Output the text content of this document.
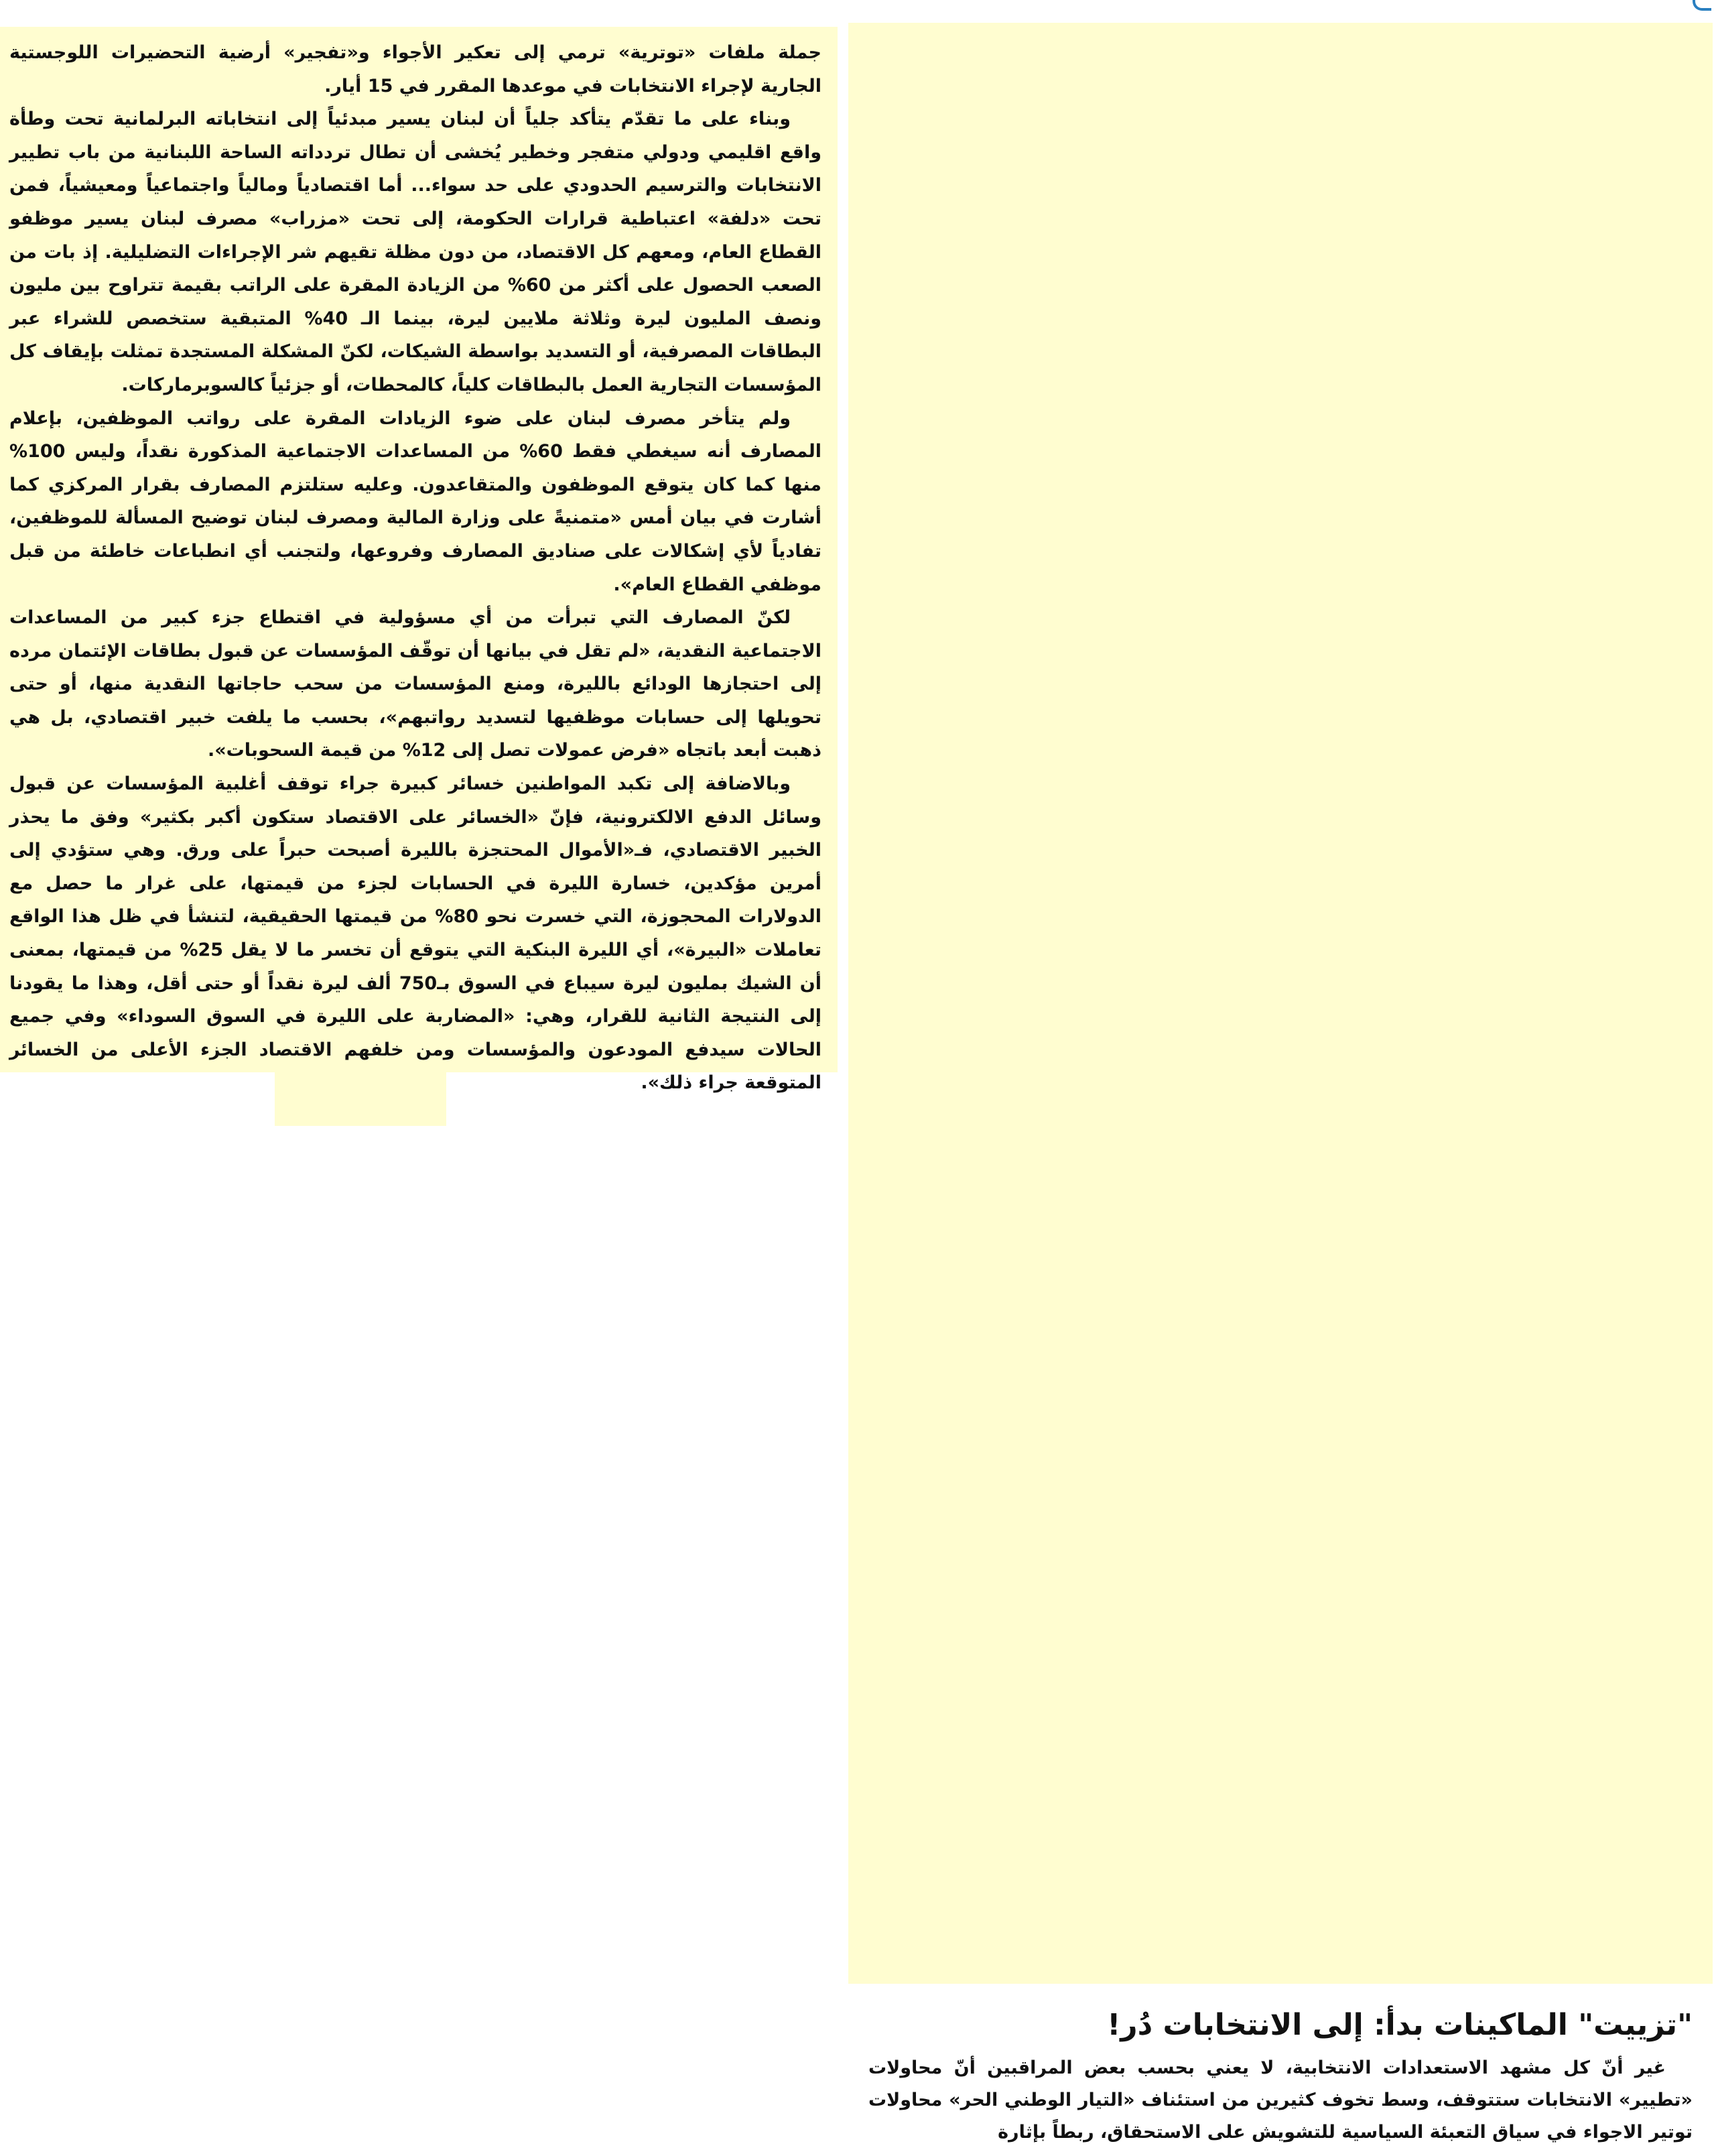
جملة ملفات «توترية» ترمي إلى تعكير الأجواء و«تفجير» أرضية التحضيرات اللوجستية الجارية لإجراء الانتخابات في موعدها المقرر في 15 أيار.

وبناء على ما تقدّم يتأكد جلياً أن لبنان يسير مبدئياً إلى انتخاباته البرلمانية تحت وطأة واقع اقليمي ودولي متفجر وخطير يُخشى أن تطال تردداته الساحة اللبنانية من باب تطيير الانتخابات والترسيم الحدودي على حد سواء... أما اقتصادياً ومالياً واجتماعياً ومعيشياً، فمن تحت «دلفة» اعتباطية قرارات الحكومة، إلى تحت «مزراب» مصرف لبنان يسير موظفو القطاع العام، ومعهم كل الاقتصاد، من دون مظلة تقيهم شر الإجراءات التضليلية. إذ بات من الصعب الحصول على أكثر من 60% من الزيادة المقرة على الراتب بقيمة تتراوح بين مليون ونصف المليون ليرة وثلاثة ملايين ليرة، بينما الـ 40% المتبقية ستخصص للشراء عبر البطاقات المصرفية، أو التسديد بواسطة الشيكات، لكنّ المشكلة المستجدة تمثلت بإيقاف كل المؤسسات التجارية العمل بالبطاقات كلياً، كالمحطات، أو جزئياً كالسوبرماركات.

ولم يتأخر مصرف لبنان على ضوء الزيادات المقرة على رواتب الموظفين، بإعلام المصارف أنه سيغطي فقط 60% من المساعدات الاجتماعية المذكورة نقداً، وليس 100% منها كما كان يتوقع الموظفون والمتقاعدون. وعليه ستلتزم المصارف بقرار المركزي كما أشارت في بيان أمس «متمنيةً على وزارة المالية ومصرف لبنان توضيح المسألة للموظفين، تفادياً لأي إشكالات على صناديق المصارف وفروعها، ولتجنب أي انطباعات خاطئة من قبل موظفي القطاع العام».

لكنّ المصارف التي تبرأت من أي مسؤولية في اقتطاع جزء كبير من المساعدات الاجتماعية النقدية، «لم تقل في بيانها أن توقّف المؤسسات عن قبول بطاقات الإئتمان مرده إلى احتجازها الودائع بالليرة، ومنع المؤسسات من سحب حاجاتها النقدية منها، أو حتى تحويلها إلى حسابات موظفيها لتسديد رواتبهم»، بحسب ما يلفت خبير اقتصادي، بل هي ذهبت أبعد باتجاه «فرض عمولات تصل إلى 12% من قيمة السحوبات».

وبالاضافة إلى تكبد المواطنين خسائر كبيرة جراء توقف أغلبية المؤسسات عن قبول وسائل الدفع الالكترونية، فإنّ «الخسائر على الاقتصاد ستكون أكبر بكثير» وفق ما يحذر الخبير الاقتصادي، فـ«الأموال المحتجزة بالليرة أصبحت حبراً على ورق. وهي ستؤدي إلى أمرين مؤكدين، خسارة الليرة في الحسابات لجزء من قيمتها، على غرار ما حصل مع الدولارات المحجوزة، التي خسرت نحو 80% من قيمتها الحقيقية، لتنشأ في ظل هذا الواقع تعاملات «البيرة»، أي الليرة البنكية التي يتوقع أن تخسر ما لا يقل 25% من قيمتها، بمعنى أن الشيك بمليون ليرة سيباع في السوق بـ750 ألف ليرة نقداً أو حتى أقل، وهذا ما يقودنا إلى النتيجة الثانية للقرار، وهي: «المضاربة على الليرة في السوق السوداء» وفي جميع الحالات سيدفع المودعون والمؤسسات ومن خلفهم الاقتصاد الجزء الأعلى من الخسائر المتوقعة جراء ذلك».

"تزييت" الماكينات بدأ: إلى الانتخابات دُر!

غير أنّ كل مشهد الاستعدادات الانتخابية، لا يعني بحسب بعض المراقبين أنّ محاولات «تطيير» الانتخابات ستتوقف، وسط تخوف كثيرين من استئناف «التيار الوطني الحر» محاولات توتير الاجواء في سياق التعبئة السياسية للتشويش على الاستحقاق، ربطاً بإثارة
